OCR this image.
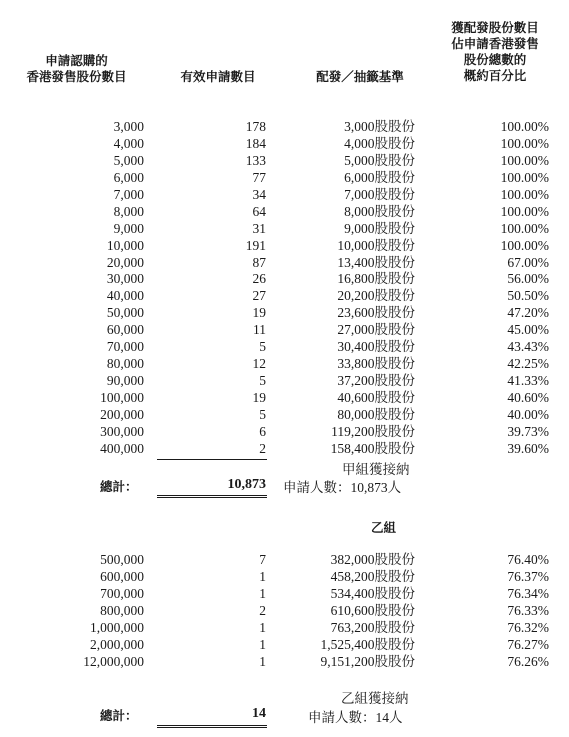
申請認購的
香港發售股份數目	有效申請數目	配發／抽籤基準
獲配發股份數目
佔申請香港發售
股份總數的
概約百分比
3,000	178	3,000股股份	100.00%
4,000	184	4,000股股份	100.00%
5,000	133	5,000股股份	100.00%
6,000	77	6,000股股份	100.00%
7,000	34	7,000股股份	100.00%
8,000	64	8,000股股份	100.00%
9,000	31	9,000股股份	100.00%
10,000	191	10,000股股份	100.00%
20,000	87	13,400股股份	67.00%
30,000	26	16,800股股份	56.00%
40,000	27	20,200股股份	50.50%
50,000	19	23,600股股份	47.20%
60,000	11	27,000股股份	45.00%
70,000	5	30,400股股份	43.43%
80,000	12	33,800股股份	42.25%
90,000	5	37,200股股份	41.33%
100,000	19	40,600股股份	40.60%
200,000	5	80,000股股份	40.00%
300,000	6	119,200股股份	39.73%
400,000	2	158,400股股份	39.60%
甲組獲接納
總計：	10,873 申請人數：10,873人
乙組
500,000	7	382,000股股份	76.40%
600,000	1	458,200股股份	76.37%
700,000	1	534,400股股份	76.34%
800,000	2	610,600股股份	76.33%
1,000,000	1	763,200股股份	76.32%
2,000,000	1	1,525,400股股份	76.27%
12,000,000	1	9,151,200股股份	76.26%
乙組獲接納
總計：	14	申請人數：14人
